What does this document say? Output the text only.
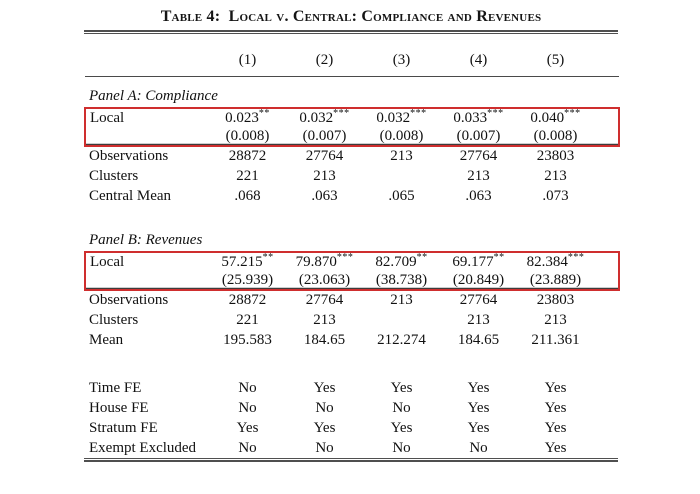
Table 4:  Local v. Central: Compliance and Revenues
	(1)	(2)	(3)	(4)	(5)	
Panel A: Compliance						
Local	0.023**	0.032***	0.032***	0.033***	0.040***	
	(0.008)	(0.007)	(0.008)	(0.007)	(0.008)	
Observations	28872	27764	213	27764	23803	
Clusters	221	213		213	213	
Central Mean	.068	.063	.065	.063	.073	
Panel B: Revenues						
Local	57.215**	79.870***	82.709**	69.177**	82.384***	
	(25.939)	(23.063)	(38.738)	(20.849)	(23.889)	
Observations	28872	27764	213	27764	23803	
Clusters	221	213		213	213	
Mean	195.583	184.65	212.274	184.65	211.361	

Time FE	No	Yes	Yes	Yes	Yes	
House FE	No	No	No	Yes	Yes	
Stratum FE	Yes	Yes	Yes	Yes	Yes	
Exempt Excluded	No	No	No	No	Yes	
